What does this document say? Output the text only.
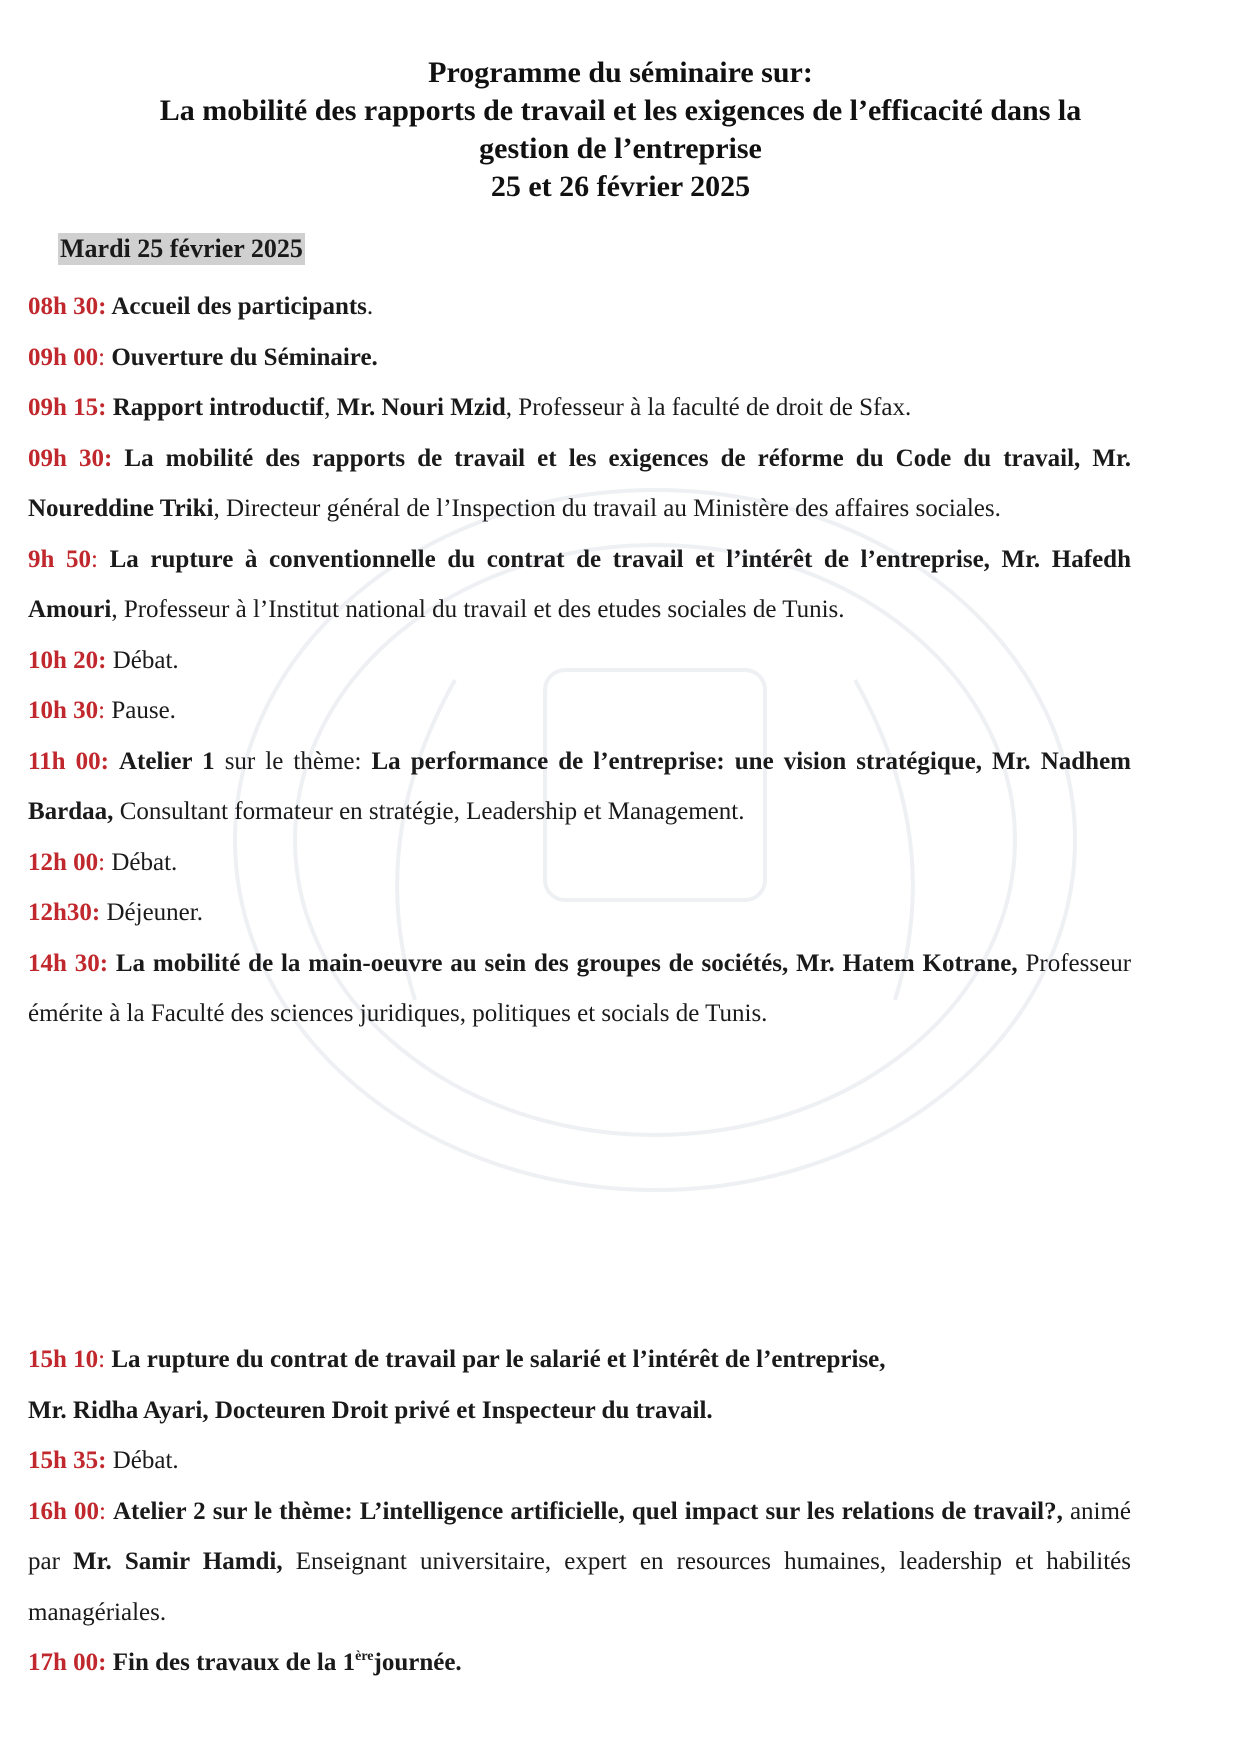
Programme du séminaire sur:
La mobilité des rapports de travail et les exigences de l’efficacité dans la
gestion de l’entreprise
25 et 26 février 2025
Mardi 25 février 2025
08h 30: Accueil des participants.
09h 00: Ouverture du Séminaire.
09h 15: Rapport introductif, Mr. Nouri Mzid, Professeur à la faculté de droit de Sfax.
09h 30: La mobilité des rapports de travail et les exigences de réforme du Code du travail, Mr. Noureddine Triki, Directeur général de l’Inspection du travail au Ministère des affaires sociales.
9h 50: La rupture à conventionnelle du contrat de travail et l’intérêt de l’entreprise, Mr. Hafedh Amouri, Professeur à l’Institut national du travail et des etudes sociales de Tunis.
10h 20: Débat.
10h 30: Pause.
11h 00: Atelier 1 sur le thème: La performance de l’entreprise: une vision stratégique, Mr. Nadhem Bardaa, Consultant formateur en stratégie, Leadership et Management.
12h 00: Débat.
12h30: Déjeuner.
14h 30: La mobilité de la main-oeuvre au sein des groupes de sociétés, Mr. Hatem Kotrane, Professeur émérite à la Faculté des sciences juridiques, politiques et socials de Tunis.
15h 10: La rupture du contrat de travail par le salarié et l’intérêt de l’entreprise,
Mr. Ridha Ayari, Docteuren Droit privé et Inspecteur du travail.
15h 35: Débat.
16h 00: Atelier 2 sur le thème: L’intelligence artificielle, quel impact sur les relations de travail?, animé par Mr. Samir Hamdi, Enseignant universitaire, expert en resources humaines, leadership et habilités managériales.
17h 00: Fin des travaux de la 1èrejournée.
